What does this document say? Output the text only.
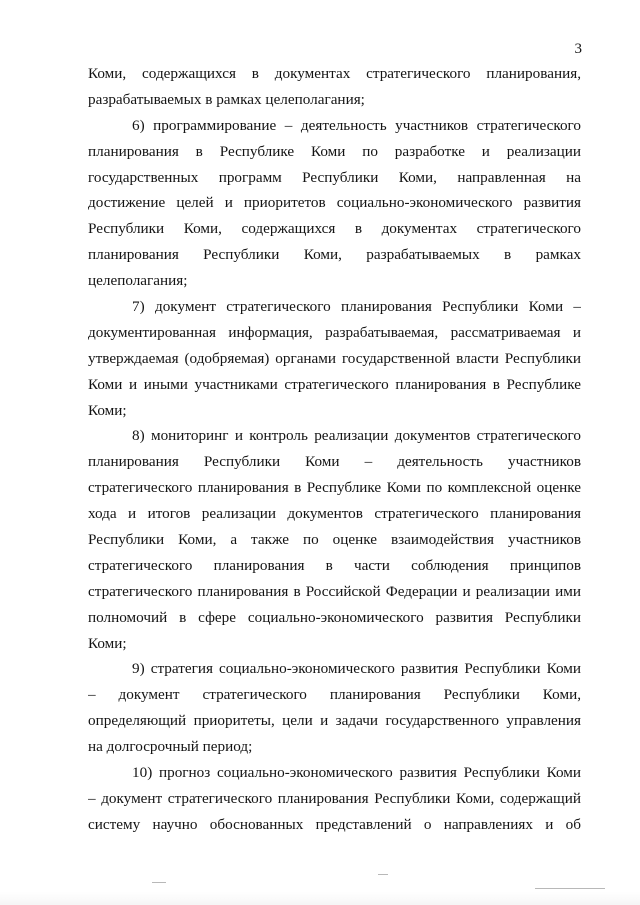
3
Коми, содержащихся в документах стратегического планирования,
разрабатываемых в рамках целеполагания;
6) программирование – деятельность участников стратегического
планирования в Республике Коми по разработке и реализации
государственных программ Республики Коми, направленная на
достижение целей и приоритетов социально-экономического развития
Республики Коми, содержащихся в документах стратегического
планирования Республики Коми, разрабатываемых в рамках
целеполагания;
7) документ стратегического планирования Республики Коми –
документированная информация, разрабатываемая, рассматриваемая и
утверждаемая (одобряемая) органами государственной власти Республики
Коми и иными участниками стратегического планирования в Республике
Коми;
8) мониторинг и контроль реализации документов стратегического
планирования Республики Коми – деятельность участников
стратегического планирования в Республике Коми по комплексной оценке
хода и итогов реализации документов стратегического планирования
Республики Коми, а также по оценке взаимодействия участников
стратегического планирования в части соблюдения принципов
стратегического планирования в Российской Федерации и реализации ими
полномочий в сфере социально-экономического развития Республики
Коми;
9) стратегия социально-экономического развития Республики Коми
– документ стратегического планирования Республики Коми,
определяющий приоритеты, цели и задачи государственного управления
на долгосрочный период;
10) прогноз социально-экономического развития Республики Коми
– документ стратегического планирования Республики Коми, содержащий
систему научно обоснованных представлений о направлениях и об
